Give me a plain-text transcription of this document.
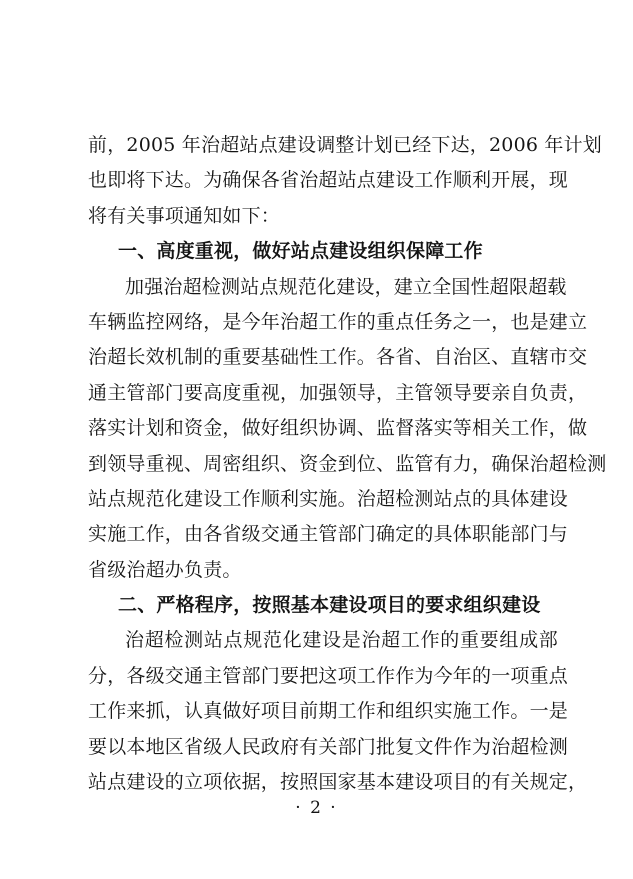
前，2005 年治超站点建设调整计划已经下达，2006 年计划
也即将下达。为确保各省治超站点建设工作顺利开展，现
将有关事项通知如下：
一、高度重视，做好站点建设组织保障工作
加强治超检测站点规范化建设，建立全国性超限超载
车辆监控网络，是今年治超工作的重点任务之一，也是建立
治超长效机制的重要基础性工作。各省、自治区、直辖市交
通主管部门要高度重视，加强领导，主管领导要亲自负责，
落实计划和资金，做好组织协调、监督落实等相关工作，做
到领导重视、周密组织、资金到位、监管有力，确保治超检测
站点规范化建设工作顺利实施。治超检测站点的具体建设
实施工作，由各省级交通主管部门确定的具体职能部门与
省级治超办负责。
二、严格程序，按照基本建设项目的要求组织建设
治超检测站点规范化建设是治超工作的重要组成部
分，各级交通主管部门要把这项工作作为今年的一项重点
工作来抓，认真做好项目前期工作和组织实施工作。一是
要以本地区省级人民政府有关部门批复文件作为治超检测
站点建设的立项依据，按照国家基本建设项目的有关规定，
· 2 ·
